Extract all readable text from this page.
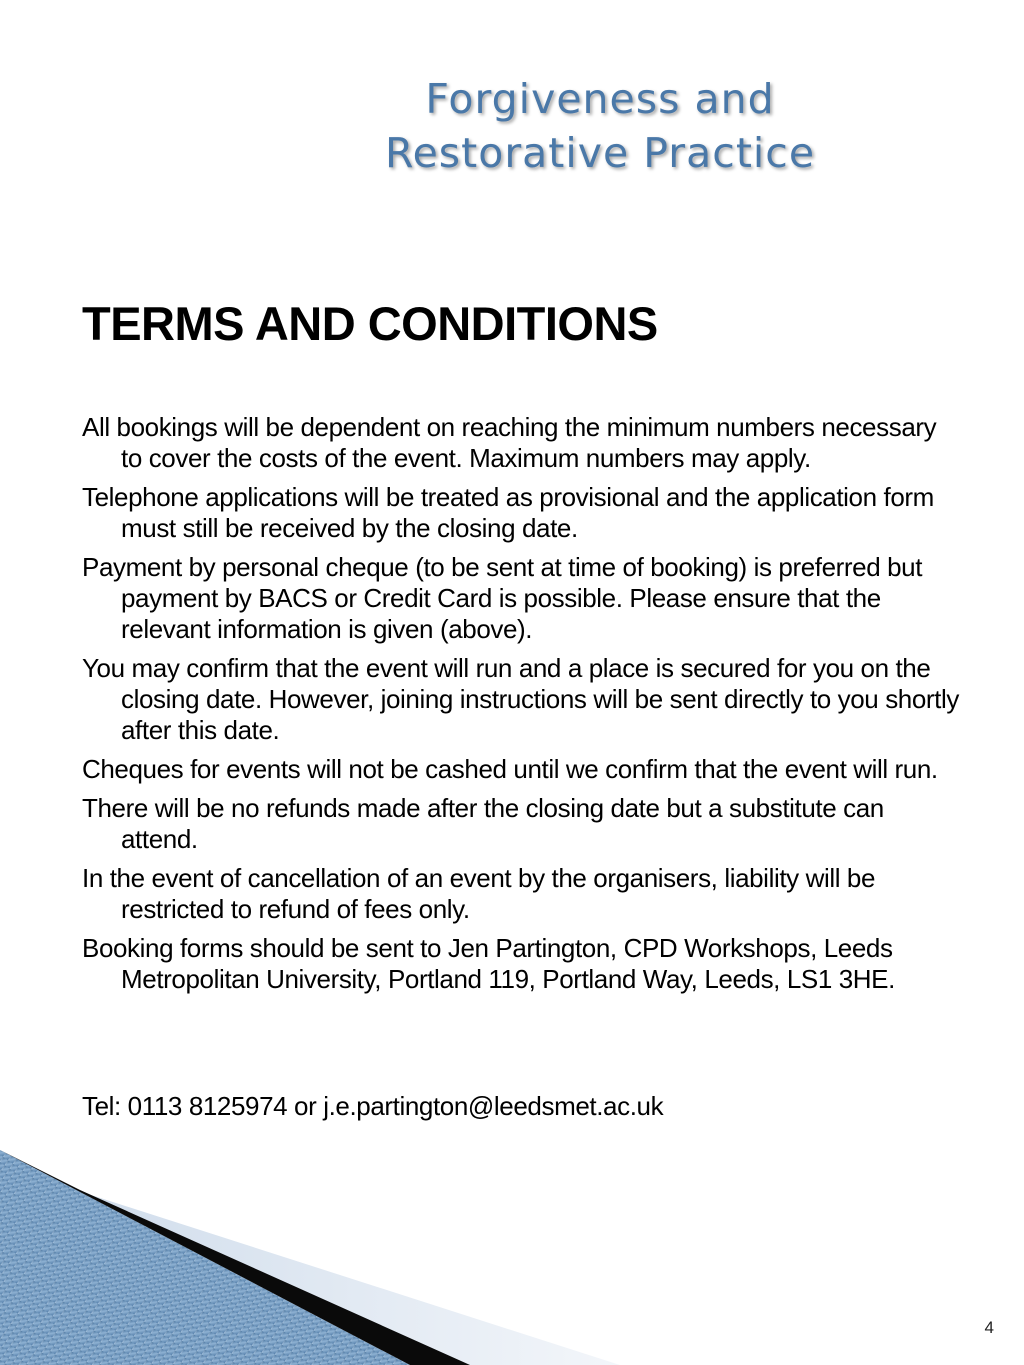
Forgiveness and
Restorative Practice
TERMS AND CONDITIONS
All bookings will be dependent on reaching the minimum numbers necessary to cover the costs of the event. Maximum numbers may apply.
Telephone applications will be treated as provisional and the application form must still be received by the closing date.
Payment by personal cheque (to be sent at time of booking) is preferred but payment by BACS or Credit Card is possible. Please ensure that the relevant information is given (above).
You may confirm that the event will run and a place is secured for you on the closing date. However, joining instructions will be sent directly to you shortly after this date.
Cheques for events will not be cashed until we confirm that the event will run.
There will be no refunds made after the closing date but a substitute can attend.
In the event of cancellation of an event by the organisers, liability will be restricted to refund of fees only.
Booking forms should be sent to Jen Partington, CPD Workshops, Leeds Metropolitan University, Portland 119, Portland Way, Leeds, LS1 3HE.

Tel: 0113 8125974 or j.e.partington@leedsmet.ac.uk

4
